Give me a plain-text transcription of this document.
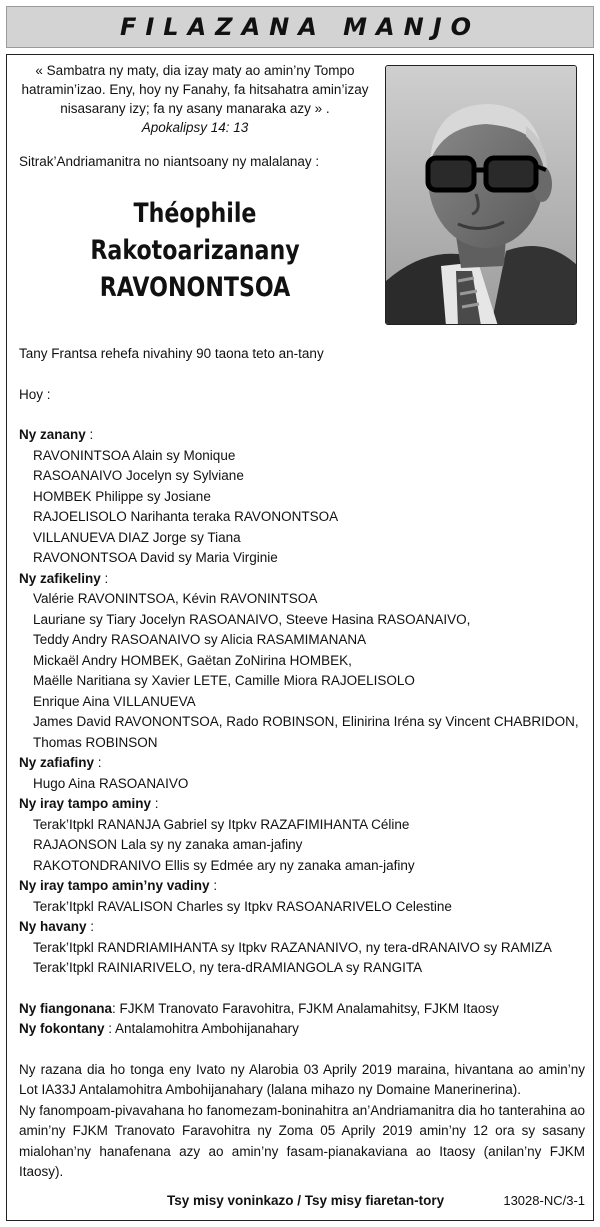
FILAZANA MANJO
« Sambatra ny maty, dia izay maty ao amin’ny Tompo hatramin’izao. Eny, hoy ny Fanahy, fa hitsahatra amin’izay nisasarany izy; fa ny asany manaraka azy » .
Apokalipsy 14: 13
Sitrak’Andriamanitra no niantsoany ny malalanay :
Théophile
Rakotoarizanany
RAVONONTSOA
Tany Frantsa rehefa nivahiny 90 taona teto an-tany
Hoy :
Ny zanany :
RAVONINTSOA Alain sy Monique
RASOANAIVO Jocelyn sy Sylviane
HOMBEK Philippe sy Josiane
RAJOELISOLO Narihanta teraka RAVONONTSOA
VILLANUEVA DIAZ Jorge sy Tiana
RAVONONTSOA David sy Maria Virginie
Ny zafikeliny :
Valérie RAVONINTSOA, Kévin RAVONINTSOA
Lauriane sy Tiary Jocelyn RASOANAIVO, Steeve Hasina RASOANAIVO,
Teddy Andry RASOANAIVO sy Alicia RASAMIMANANA
Mickaël Andry HOMBEK, Gaëtan ZoNirina HOMBEK,
Maëlle Naritiana sy Xavier LETE, Camille Miora RAJOELISOLO
Enrique Aina VILLANUEVA
James David RAVONONTSOA, Rado ROBINSON, Elinirina Iréna sy Vincent CHABRIDON,
Thomas ROBINSON
Ny zafiafiny :
Hugo Aina RASOANAIVO
Ny iray tampo aminy :
Terak’Itpkl RANANJA Gabriel sy Itpkv RAZAFIMIHANTA Céline
RAJAONSON Lala sy ny zanaka aman-jafiny
RAKOTONDRANIVO Ellis sy Edmée ary ny zanaka aman-jafiny
Ny iray tampo amin’ny vadiny :
Terak’Itpkl RAVALISON Charles sy Itpkv RASOANARIVELO Celestine
Ny havany :
Terak’Itpkl RANDRIAMIHANTA sy Itpkv RAZANANIVO, ny tera-dRANAIVO sy RAMIZA
Terak’Itpkl RAINIARIVELO, ny tera-dRAMIANGOLA sy RANGITA
Ny fiangonana: FJKM Tranovato Faravohitra, FJKM Analamahitsy, FJKM Itaosy
Ny fokontany : Antalamohitra Ambohijanahary
Ny razana dia ho tonga eny Ivato ny Alarobia 03 Aprily 2019 maraina, hivantana ao amin’ny Lot IA33J Antalamohitra Ambohijanahary (lalana mihazo ny Domaine Manerinerina).
Ny fanompoam-pivavahana ho fanomezam-boninahitra an’Andriamanitra dia ho tanterahina ao amin’ny FJKM Tranovato Faravohitra ny Zoma 05 Aprily 2019 amin’ny 12 ora sy sasany mialohan’ny hanafenana azy ao amin’ny fasam-pianakaviana ao Itaosy (anilan’ny FJKM Itaosy).
Tsy misy voninkazo / Tsy misy fiaretan-tory	13028-NC/3-1
